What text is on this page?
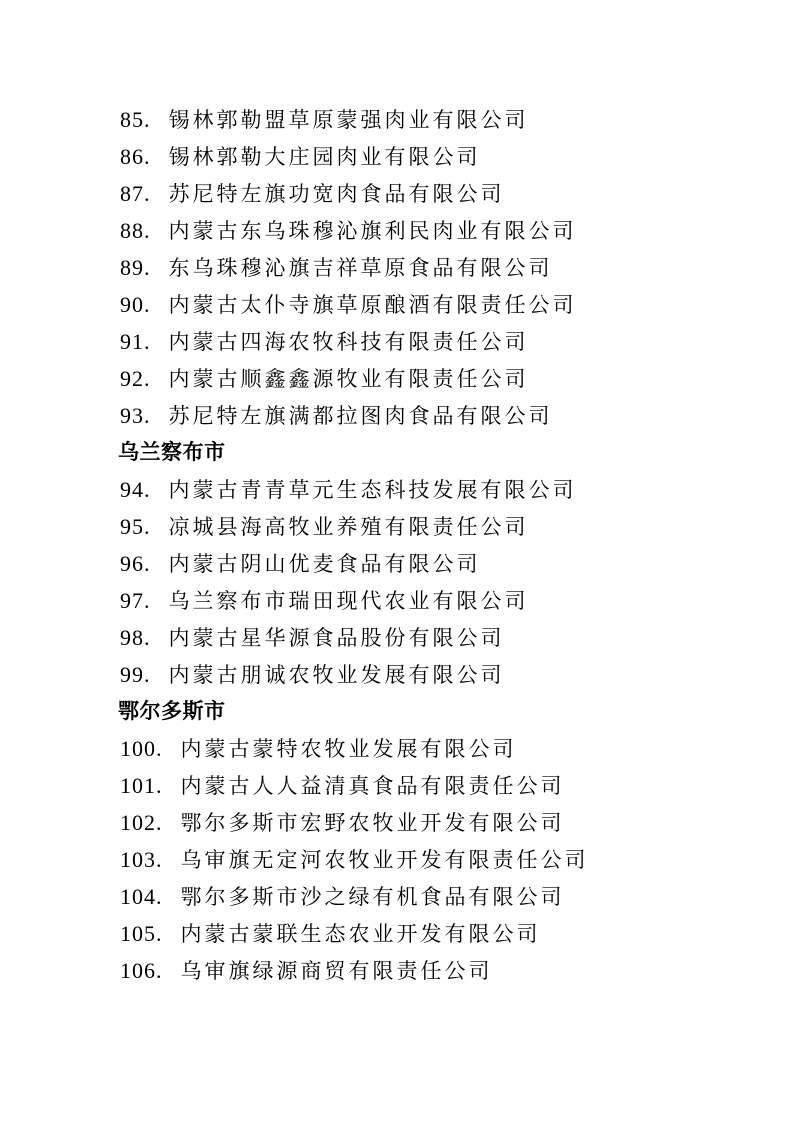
85. 锡林郭勒盟草原蒙强肉业有限公司
86. 锡林郭勒大庄园肉业有限公司
87. 苏尼特左旗功宽肉食品有限公司
88. 内蒙古东乌珠穆沁旗利民肉业有限公司
89. 东乌珠穆沁旗吉祥草原食品有限公司
90. 内蒙古太仆寺旗草原酿酒有限责任公司
91. 内蒙古四海农牧科技有限责任公司
92. 内蒙古顺鑫鑫源牧业有限责任公司
93. 苏尼特左旗满都拉图肉食品有限公司
乌兰察布市
94. 内蒙古青青草元生态科技发展有限公司
95. 凉城县海高牧业养殖有限责任公司
96. 内蒙古阴山优麦食品有限公司
97. 乌兰察布市瑞田现代农业有限公司
98. 内蒙古星华源食品股份有限公司
99. 内蒙古朋诚农牧业发展有限公司
鄂尔多斯市
100. 内蒙古蒙特农牧业发展有限公司
101. 内蒙古人人益清真食品有限责任公司
102. 鄂尔多斯市宏野农牧业开发有限公司
103. 乌审旗无定河农牧业开发有限责任公司
104. 鄂尔多斯市沙之绿有机食品有限公司
105. 内蒙古蒙联生态农业开发有限公司
106. 乌审旗绿源商贸有限责任公司
